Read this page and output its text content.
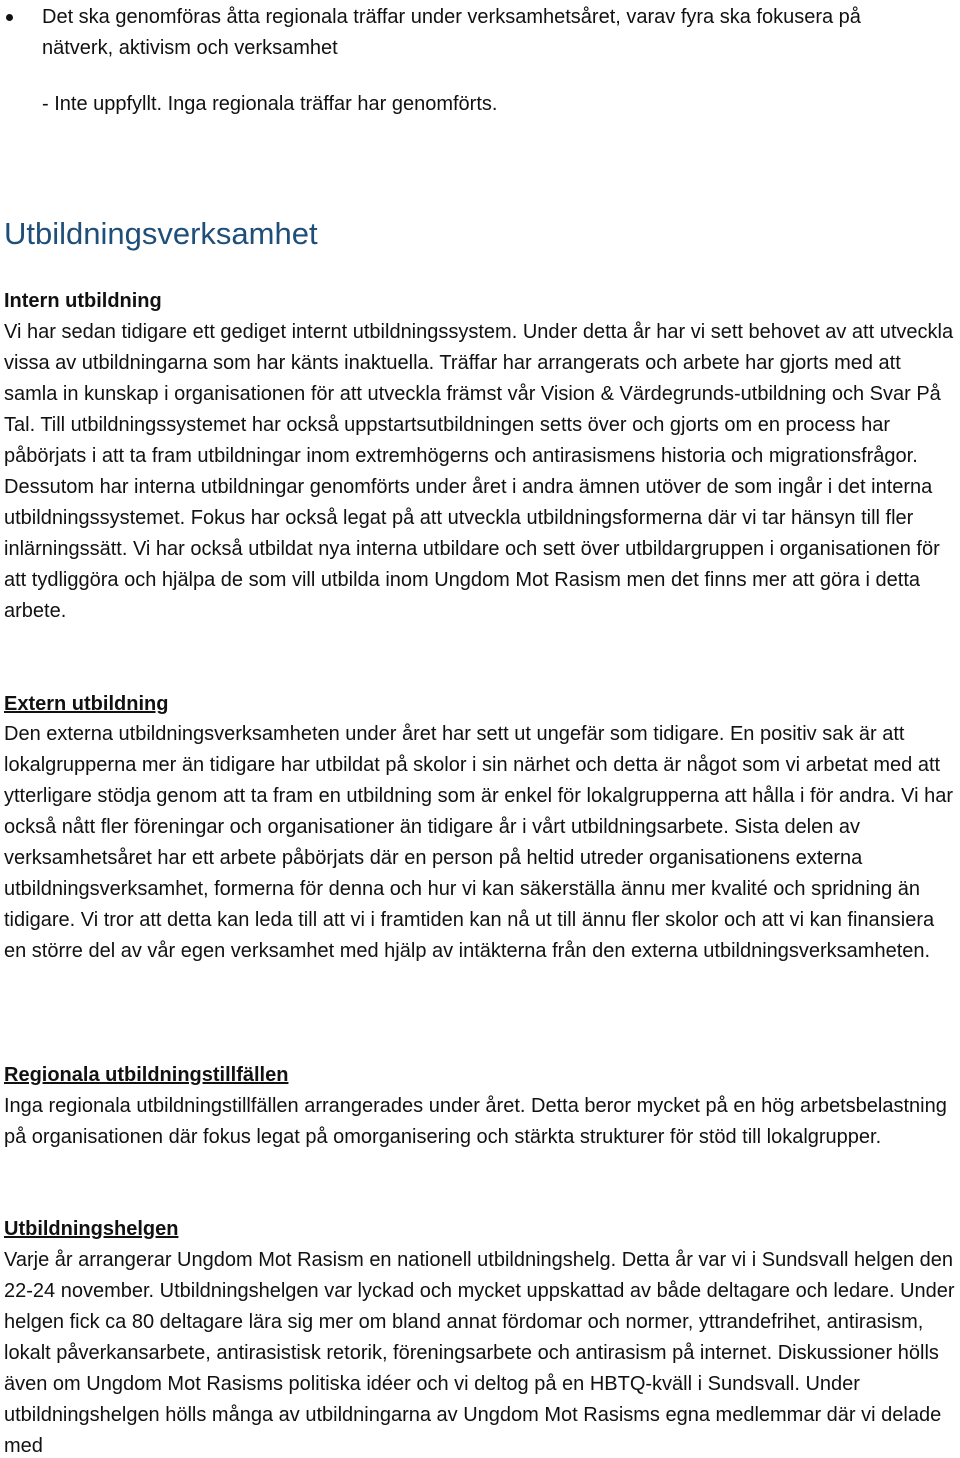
Det ska genomföras åtta regionala träffar under verksamhetsåret, varav fyra ska fokusera på nätverk, aktivism och verksamhet
- Inte uppfyllt. Inga regionala träffar har genomförts.
Utbildningsverksamhet
Intern utbildning

Vi har sedan tidigare ett gediget internt utbildningssystem. Under detta år har vi sett behovet av att utveckla vissa av utbildningarna som har känts inaktuella. Träffar har arrangerats och arbete har gjorts med att samla in kunskap i organisationen för att utveckla främst vår Vision & Värdegrunds-utbildning och Svar På Tal. Till utbildningssystemet har också uppstartsutbildningen setts över och gjorts om en process har påbörjats i att ta fram utbildningar inom extremhögerns och antirasismens historia och migrationsfrågor. Dessutom har interna utbildningar genomförts under året i andra ämnen utöver de som ingår i det interna utbildningssystemet. Fokus har också legat på att utveckla utbildningsformerna där vi tar hänsyn till fler inlärningssätt. Vi har också utbildat nya interna utbildare och sett över utbildargruppen i organisationen för att tydliggöra och hjälpa de som vill utbilda inom Ungdom Mot Rasism men det finns mer att göra i detta arbete.

Extern utbildning

Den externa utbildningsverksamheten under året har sett ut ungefär som tidigare. En positiv sak är att lokalgrupperna mer än tidigare har utbildat på skolor i sin närhet och detta är något som vi arbetat med att ytterligare stödja genom att ta fram en utbildning som är enkel för lokalgrupperna att hålla i för andra. Vi har också nått fler föreningar och organisationer än tidigare år i vårt utbildningsarbete. Sista delen av verksamhetsåret har ett arbete påbörjats där en person på heltid utreder organisationens externa utbildningsverksamhet, formerna för denna och hur vi kan säkerställa ännu mer kvalité och spridning än tidigare. Vi tror att detta kan leda till att vi i framtiden kan nå ut till ännu fler skolor och att vi kan finansiera en större del av vår egen verksamhet med hjälp av intäkterna från den externa utbildningsverksamheten.

Regionala utbildningstillfällen

Inga regionala utbildningstillfällen arrangerades under året. Detta beror mycket på en hög arbetsbelastning på organisationen där fokus legat på omorganisering och stärkta strukturer för stöd till lokalgrupper.

Utbildningshelgen

Varje år arrangerar Ungdom Mot Rasism en nationell utbildningshelg. Detta år var vi i Sundsvall helgen den 22-24 november. Utbildningshelgen var lyckad och mycket uppskattad av både deltagare och ledare. Under helgen fick ca 80 deltagare lära sig mer om bland annat fördomar och normer, yttrandefrihet, antirasism, lokalt påverkansarbete, antirasistisk retorik, föreningsarbete och antirasism på internet. Diskussioner hölls även om Ungdom Mot Rasisms politiska idéer och vi deltog på en HBTQ-kväll i Sundsvall. Under utbildningshelgen hölls många av utbildningarna av Ungdom Mot Rasisms egna medlemmar där vi delade med
